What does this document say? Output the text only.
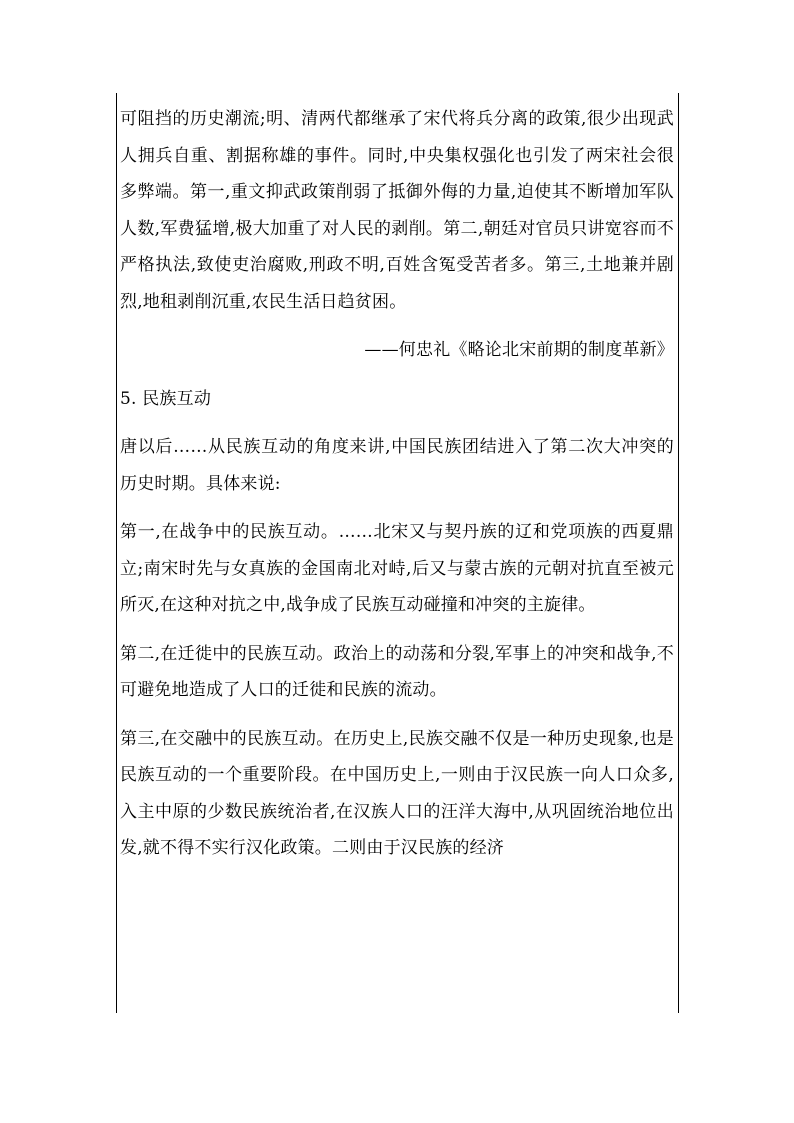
可阻挡的历史潮流;明、清两代都继承了宋代将兵分离的政策,很少出现武人拥兵自重、割据称雄的事件。同时,中央集权强化也引发了两宋社会很多弊端。第一,重文抑武政策削弱了抵御外侮的力量,迫使其不断增加军队人数,军费猛增,极大加重了对人民的剥削。第二,朝廷对官员只讲宽容而不严格执法,致使吏治腐败,刑政不明,百姓含冤受苦者多。第三,土地兼并剧烈,地租剥削沉重,农民生活日趋贫困。

——何忠礼《略论北宋前期的制度革新》

5. 民族互动

唐以后……从民族互动的角度来讲,中国民族团结进入了第二次大冲突的历史时期。具体来说:

第一,在战争中的民族互动。……北宋又与契丹族的辽和党项族的西夏鼎立;南宋时先与女真族的金国南北对峙,后又与蒙古族的元朝对抗直至被元所灭,在这种对抗之中,战争成了民族互动碰撞和冲突的主旋律。

第二,在迁徙中的民族互动。政治上的动荡和分裂,军事上的冲突和战争,不可避免地造成了人口的迁徙和民族的流动。

第三,在交融中的民族互动。在历史上,民族交融不仅是一种历史现象,也是民族互动的一个重要阶段。在中国历史上,一则由于汉民族一向人口众多,入主中原的少数民族统治者,在汉族人口的汪洋大海中,从巩固统治地位出发,就不得不实行汉化政策。二则由于汉民族的经济
